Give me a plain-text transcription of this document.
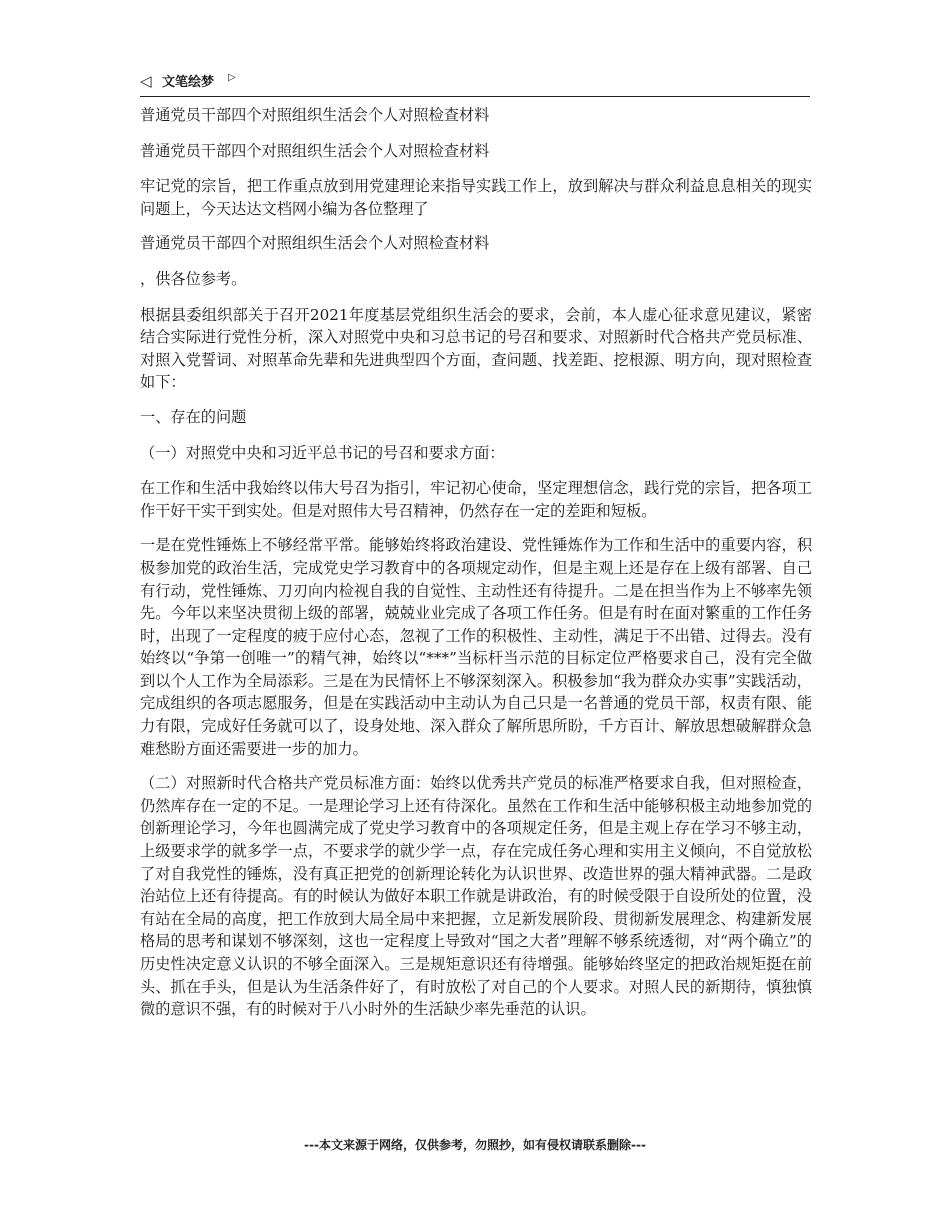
◁ 文笔绘梦 ▷

普通党员干部四个对照组织生活会个人对照检查材料

普通党员干部四个对照组织生活会个人对照检查材料

牢记党的宗旨，把工作重点放到用党建理论来指导实践工作上，放到解决与群众利益息息相关的现实问题上，今天达达文档网小编为各位整理了

普通党员干部四个对照组织生活会个人对照检查材料

，供各位参考。

根据县委组织部关于召开2021年度基层党组织生活会的要求，会前，本人虚心征求意见建议，紧密结合实际进行党性分析，深入对照党中央和习总书记的号召和要求、对照新时代合格共产党员标准、对照入党誓词、对照革命先辈和先进典型四个方面，查问题、找差距、挖根源、明方向，现对照检查如下：

一、存在的问题

（一）对照党中央和习近平总书记的号召和要求方面：

在工作和生活中我始终以伟大号召为指引，牢记初心使命，坚定理想信念，践行党的宗旨，把各项工作干好干实干到实处。但是对照伟大号召精神，仍然存在一定的差距和短板。

一是在党性锤炼上不够经常平常。能够始终将政治建设、党性锤炼作为工作和生活中的重要内容，积极参加党的政治生活，完成党史学习教育中的各项规定动作，但是主观上还是存在上级有部署、自己有行动，党性锤炼、刀刃向内检视自我的自觉性、主动性还有待提升。二是在担当作为上不够率先领先。今年以来坚决贯彻上级的部署，兢兢业业完成了各项工作任务。但是有时在面对繁重的工作任务时，出现了一定程度的疲于应付心态，忽视了工作的积极性、主动性，满足于不出错、过得去。没有始终以“争第一创唯一”的精气神，始终以“***”当标杆当示范的目标定位严格要求自己，没有完全做到以个人工作为全局添彩。三是在为民情怀上不够深刻深入。积极参加“我为群众办实事”实践活动，完成组织的各项志愿服务，但是在实践活动中主动认为自己只是一名普通的党员干部，权责有限、能力有限，完成好任务就可以了，设身处地、深入群众了解所思所盼，千方百计、解放思想破解群众急难愁盼方面还需要进一步的加力。

（二）对照新时代合格共产党员标准方面：始终以优秀共产党员的标准严格要求自我，但对照检查，仍然库存在一定的不足。一是理论学习上还有待深化。虽然在工作和生活中能够积极主动地参加党的创新理论学习，今年也圆满完成了党史学习教育中的各项规定任务，但是主观上存在学习不够主动，上级要求学的就多学一点，不要求学的就少学一点，存在完成任务心理和实用主义倾向，不自觉放松了对自我党性的锤炼，没有真正把党的创新理论转化为认识世界、改造世界的强大精神武器。二是政治站位上还有待提高。有的时候认为做好本职工作就是讲政治，有的时候受限于自设所处的位置，没有站在全局的高度，把工作放到大局全局中来把握，立足新发展阶段、贯彻新发展理念、构建新发展格局的思考和谋划不够深刻，这也一定程度上导致对“国之大者”理解不够系统透彻，对“两个确立”的历史性决定意义认识的不够全面深入。三是规矩意识还有待增强。能够始终坚定的把政治规矩挺在前头、抓在手头，但是认为生活条件好了，有时放松了对自己的个人要求。对照人民的新期待，慎独慎微的意识不强，有的时候对于八小时外的生活缺少率先垂范的认识。

---本文来源于网络，仅供参考，勿照抄，如有侵权请联系删除---
